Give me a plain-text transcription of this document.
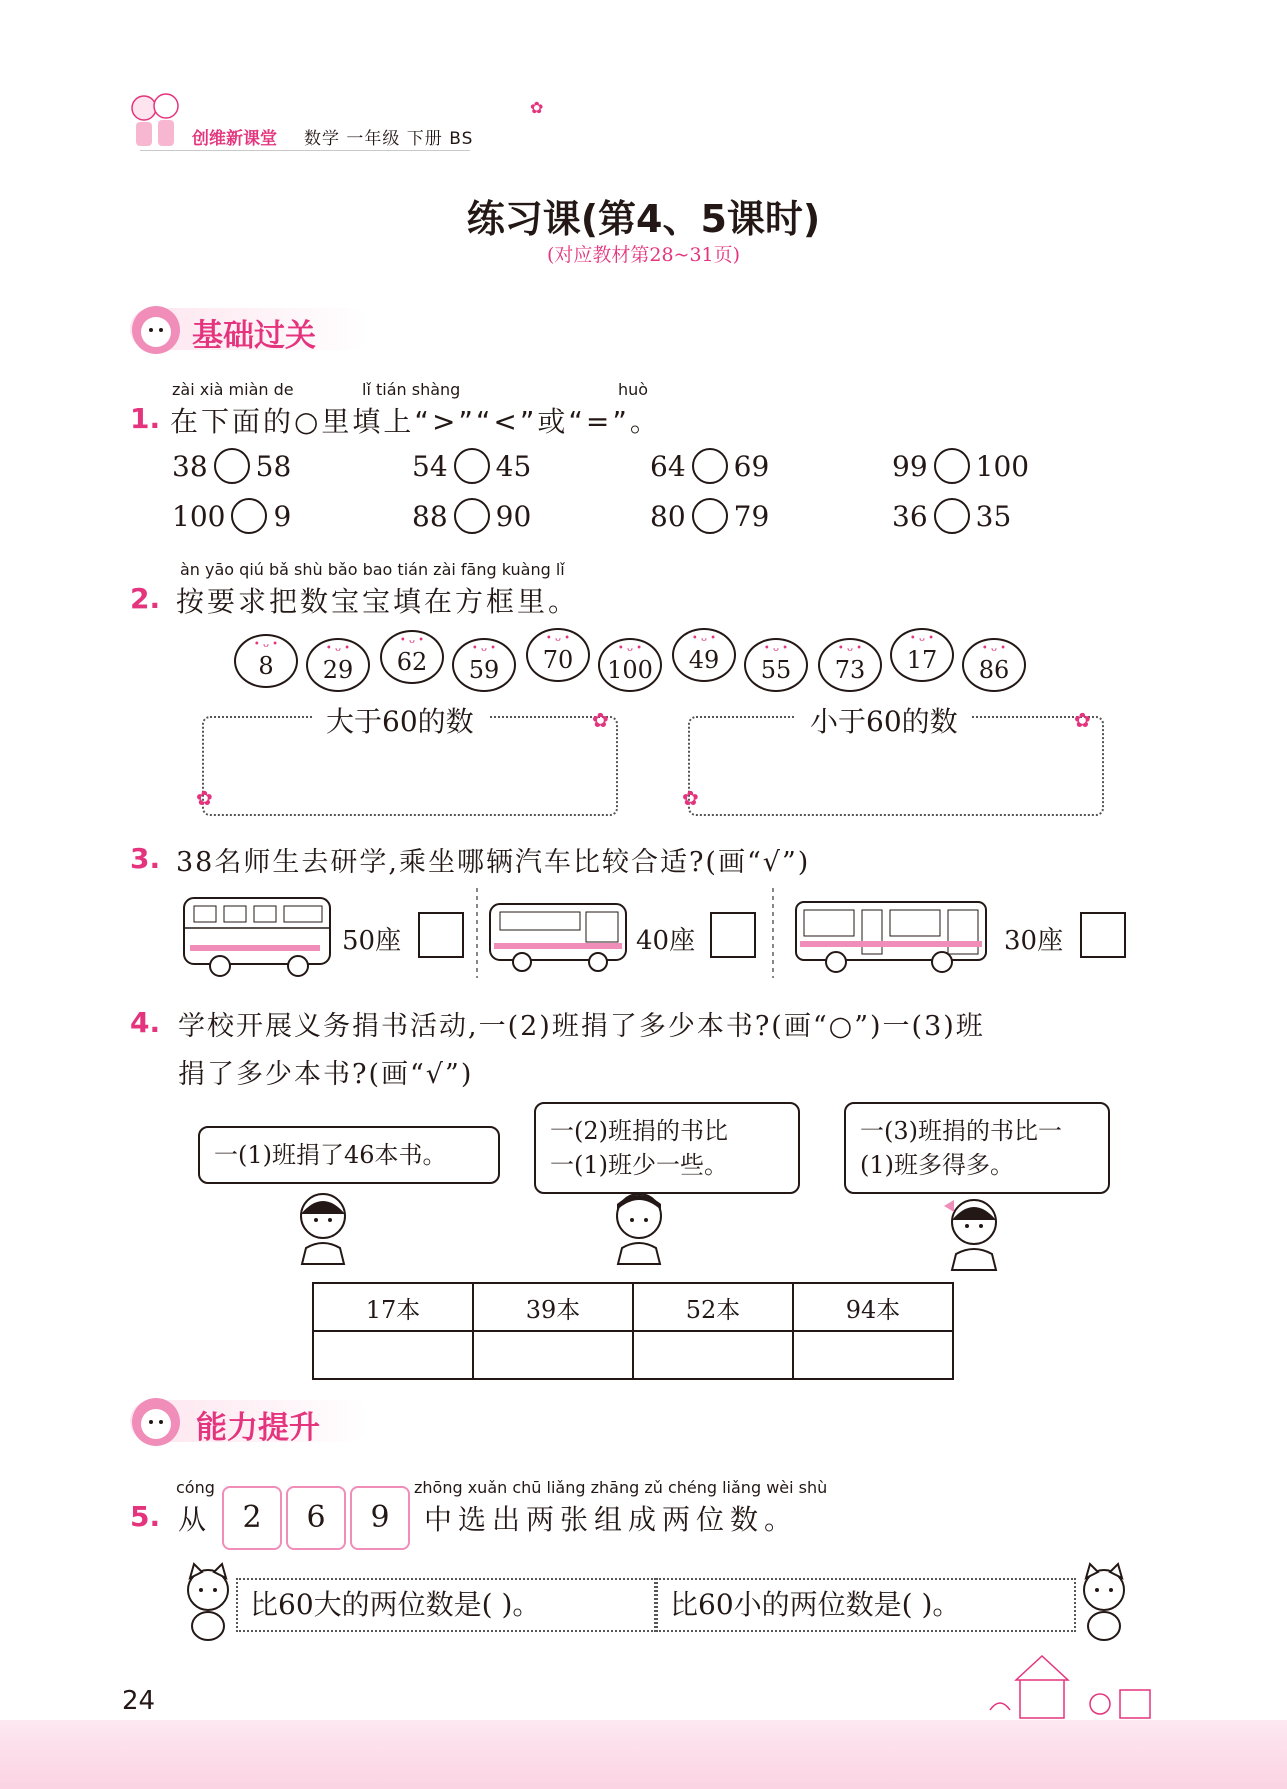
创维新课堂 数学 一年级 下册 BS
✿
练习课(第4、5课时)
(对应教材第28~31页)
基础过关
zài xià miàn de	lǐ tián shàng	huò
1. 在下面的○里填上“>”“<”或“=”。
38 58	54 45	64 69	99 100
100 9	88 90	80 79	36 35
àn yāo qiú bǎ shù bǎo bao tián zài fāng kuàng lǐ
2. 按要求把数宝宝填在方框里。
• ᴗ •
8
• ᴗ •
29
• ᴗ •
62	• ᴗ •
59
• ᴗ •
70	• ᴗ •
100
• ᴗ •
49	• ᴗ •
55
• ᴗ •
73
• ᴗ •
17	• ᴗ •
86
大于60的数	✿
✿
小于60的数	✿
✿
3. 38名师生去研学,乘坐哪辆汽车比较合适?(画“√”)
50座	40座	30座
4. 学校开展义务捐书活动,一(2)班捐了多少本书?(画“○”)一(3)班
捐了多少本书?(画“√”)
一(1)班捐了46本书。
一(2)班捐的书比
一(1)班少一些。
一(3)班捐的书比一
(1)班多得多。
17本	39本	52本	94本

能力提升
cóng	zhōng xuǎn chū liǎng zhāng zǔ chéng liǎng wèi shù
5. 从	2	6	9	中选出两张组成两位数。
比60大的两位数是( )。	比60小的两位数是( )。
24
